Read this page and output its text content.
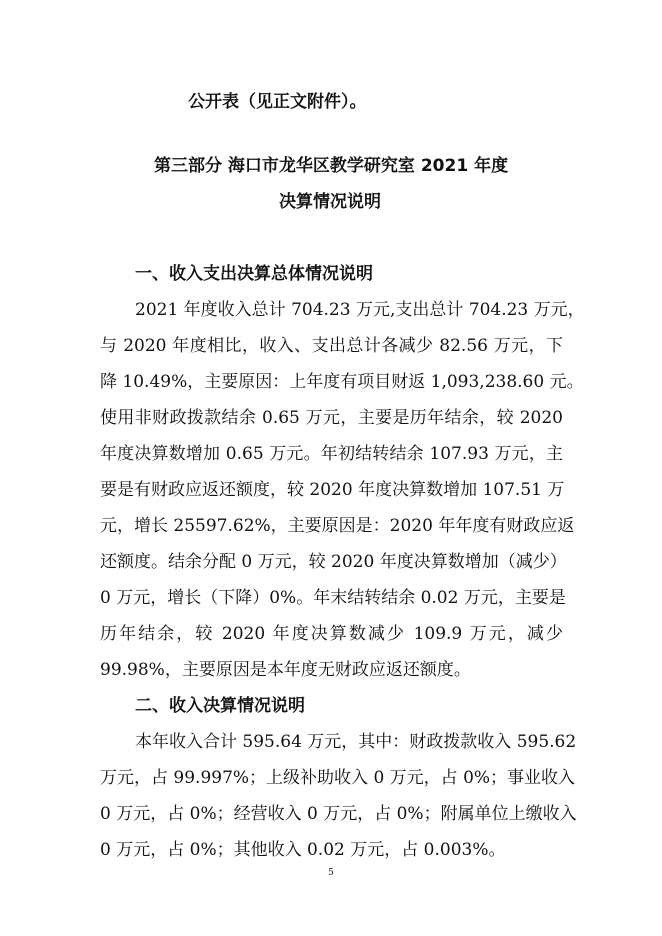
公开表（见正文附件）。
第三部分 海口市龙华区教学研究室 2021 年度
决算情况说明
一、收入支出决算总体情况说明
2021 年度收入总计 704.23 万元,支出总计 704.23 万元，
与 2020 年度相比，收入、支出总计各减少 82.56 万元，下
降 10.49%，主要原因：上年度有项目财返 1,093,238.60 元。
使用非财政拨款结余 0.65 万元，主要是历年结余，较 2020
年度决算数增加 0.65 万元。年初结转结余 107.93 万元，主
要是有财政应返还额度，较 2020 年度决算数增加 107.51 万
元，增长 25597.62%，主要原因是：2020 年年度有财政应返
还额度。结余分配 0 万元，较 2020 年度决算数增加（减少）
0 万元，增长（下降）0%。年末结转结余 0.02 万元，主要是
历年结余，较 2020 年度决算数减少 109.9 万元，减少
99.98%，主要原因是本年度无财政应返还额度。
二、收入决算情况说明
本年收入合计 595.64 万元，其中：财政拨款收入 595.62
万元，占 99.997%；上级补助收入 0 万元，占 0%；事业收入
0 万元，占 0%；经营收入 0 万元，占 0%；附属单位上缴收入
0 万元，占 0%；其他收入 0.02 万元，占 0.003%。
5
